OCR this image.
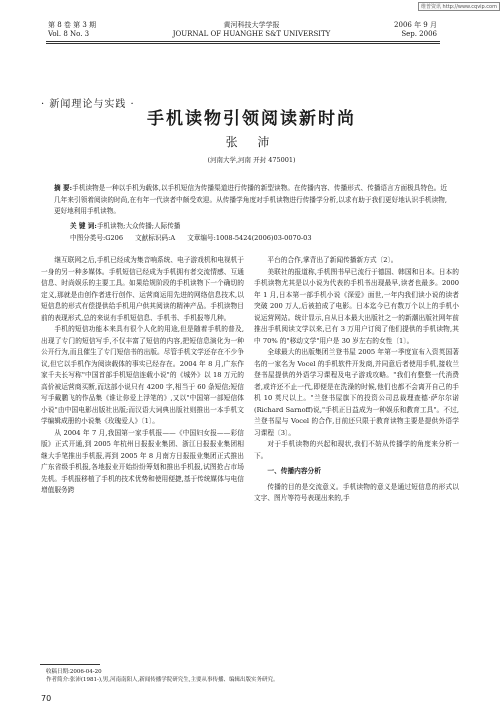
维普资讯 http://www.cqvip.com
第 8 卷 第 3 期
Vol. 8 No. 3
黄河科技大学学报
JOURNAL OF HUANGHE S&T UNIVERSITY
2006 年 9 月
Sep. 2006
· 新闻理论与实践 ·
手机读物引领阅读新时尚
张 沛
(河南大学,河南 开封 475001)
摘 要:手机读物是一种以手机为载体,以手机短信为传播渠道进行传播的新型读物。在传播内容、传播形式、传播语言方面极具特色。近几年来引领着阅读的时尚,在有年一代读者中颇受欢迎。从传播学角度对手机读物进行传播学分析,以求有助于我们更好地认识手机读物,更好地利用手机读物。
关 键 词:手机读物;大众传播;人际传播
中图分类号:G206 文献标识码:A 文章编号:1008-5424(2006)03-0070-03

继互联网之后,手机已经成为集音响系统、电子游戏机和电视机于一身的另一种多媒体。手机短信已经成为手机拥有者交流情感、互通信息、时尚娱乐的主要工具。如果给规阶段的手机读物下一个确切的定义,那就是由创作者进行创作、运营商运用先进的网络信息技术,以短信息的形式有偿提供给手机用户供其阅读的精神产品。手机读物目前的表现形式,总的来说有手机短信息、手机书、手机报等几种。

手机的短信功能本来具有很个人化的用途,但是随着手机的普及,出现了专门的短信写手,不仅丰富了短信的内容,把短信息演化为一种公开行为,而且催生了专门短信书的出版。尽管手机文学还存在不少争议,但它以手机作为阅读载体的事实已经存在。2004 年 8 月,广东作家千夫长写称"中国首部手机短信连载小说"的《城外》以 18 万元的高价被运营商买断,而这部小说只有 4200 字,相当于 60 条短信;短信写手戴鹏飞的作品集《谁让你爱上浮笔的》,又以"中国第一部短信体小说"由中国电影出版社出版;而汉语大词典出版社则推出一本手机文学编辑成册的小说集《玫瑰爱人》〔1〕。

从 2004 年 7 月,我国第一家手机报——《中国妇女报——彩信版》正式开通,到 2005 年杭州日报报业集团、浙江日报报业集团相继大手笔推出手机报,再到 2005 年 8 月南方日报报业集团正式推出广东省级手机报,各地报业开始纷纷筹划和推出手机报,试图抢占市场先机。手机报移植了手机的技术优势和使用便捷,基于传统媒体与电信增值服务跨

平台的合作,掌背出了新闻传播新方式〔2〕。

美联社的报道称,手机图书早已流行于德国、韩国和日本。日本的手机读物尤其是以小说为代表的手机书出现最早,读者也最多。2000 年 1 月,日本第一部手机小说《深爱》面世,一年内我们读小说的读者突破 200 万人,后被拍成了电影。日本迄今已有数万个以上的手机小说运营网站。统计显示,自从日本最大出版社之一的新潮出版社网年前推出手机阅读文学以来,已有 3 万用户订阅了他们提供的手机读物,其中 70% 的"移动文学"用户是 30 岁左右的女性〔1〕。

全球最大的出版集团兰登书屋 2005 年第一季度宣布入资英国著名的一家名为 Vocel 的手机软件开发商,并同意后者使用手机,接收兰登书屋提供的外语学习课程及电子游戏攻略。"我们有整整一代消费者,或许还不止一代,即便是在洗澡的时候,他们也都不会离开自己的手机 10 英尺以上。"兰登书屋旗下的投资公司总裁理查德·萨尔尔诺(Richard Sarnoff)说,"手机正日益成为一种娱乐和教育工具"。不过,兰登书屋与 Vocel 的合作,目前还只限于教育读物主要是提供外语学习课程〔3〕。

对于手机读物的兴起和现状,我们不妨从传播学的角度来分析一下。

一、传播内容分析

传播的目的是交流意义。手机读物的意义是通过短信息的形式以文字、图片等符号表现出来的,手

收稿日期:2006-04-20
作者简介:张沛(1981-),男,河南南阳人,新闻传播学院研究生,主要从事传播、编辑出版实务研究。
70
